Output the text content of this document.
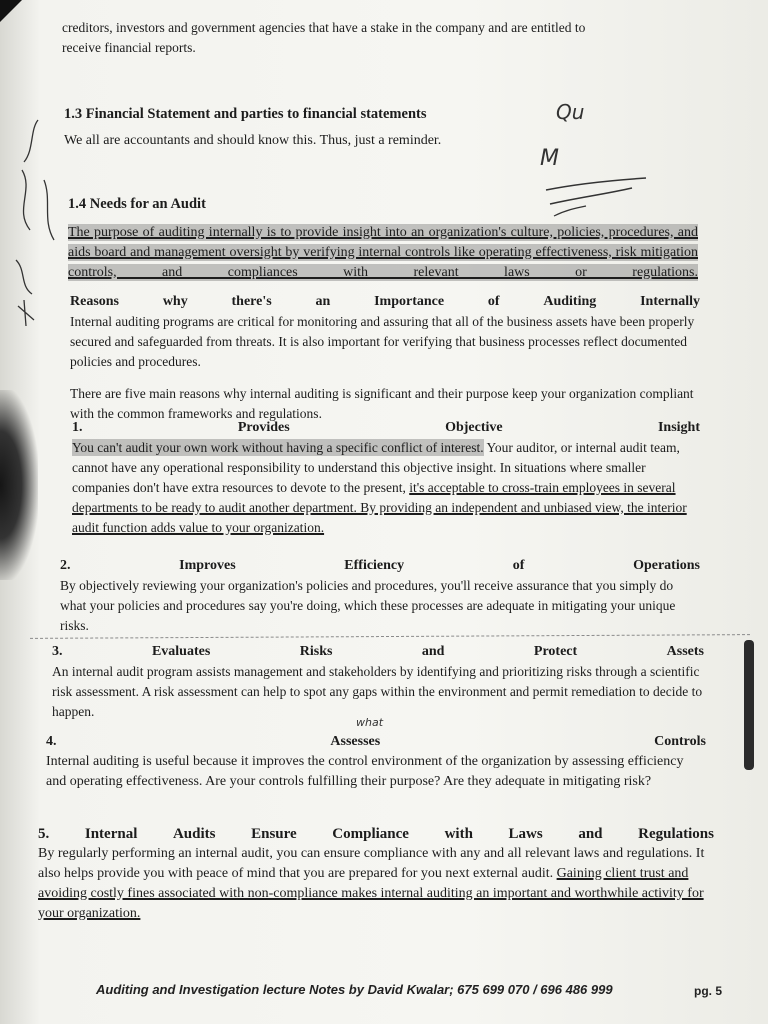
creditors, investors and government agencies that have a stake in the company and are entitled to

receive financial reports.

1.3 Financial Statement and parties to financial statements

We all are accountants and should know this. Thus, just a reminder.

Qu
M

1.4 Needs for an Audit

The purpose of auditing internally is to provide insight into an organization's culture, policies, procedures, and aids board and management oversight by verifying internal controls like operating effectiveness, risk mitigation controls, and compliances with relevant laws or regulations.

Reasons	why	there's	an	Importance	of	Auditing	Internally

Internal auditing programs are critical for monitoring and assuring that all of the business assets have been properly secured and safeguarded from threats. It is also important for verifying that business processes reflect documented policies and procedures.

There are five main reasons why internal auditing is significant and their purpose keep your organization compliant with the common frameworks and regulations.

1.	Provides	Objective	Insight

You can't audit your own work without having a specific conflict of interest. Your auditor, or internal audit team, cannot have any operational responsibility to understand this objective insight. In situations where smaller companies don't have extra resources to devote to the present, it's acceptable to cross-train employees in several departments to be ready to audit another department. By providing an independent and unbiased view, the interior audit function adds value to your organization.

2.	Improves	Efficiency	of	Operations

By objectively reviewing your organization's policies and procedures, you'll receive assurance that you simply do what your policies and procedures say you're doing, which these processes are adequate in mitigating your unique risks.

3.	Evaluates	Risks	and	Protect	Assets

An internal audit program assists management and stakeholders by identifying and prioritizing risks through a scientific risk assessment. A risk assessment can help to spot any gaps within the environment and permit remediation to decide to happen.

what
4.	Assesses	Controls

Internal auditing is useful because it improves the control environment of the organization by assessing efficiency and operating effectiveness. Are your controls fulfilling their purpose? Are they adequate in mitigating risk?

5. Internal Audits Ensure Compliance with Laws and Regulations

By regularly performing an internal audit, you can ensure compliance with any and all relevant laws and regulations. It also helps provide you with peace of mind that you are prepared for you next external audit. Gaining client trust and avoiding costly fines associated with non-compliance makes internal auditing an important and worthwhile activity for your organization.

Auditing and Investigation lecture Notes by David Kwalar; 675 699 070 / 696 486 999	pg. 5
